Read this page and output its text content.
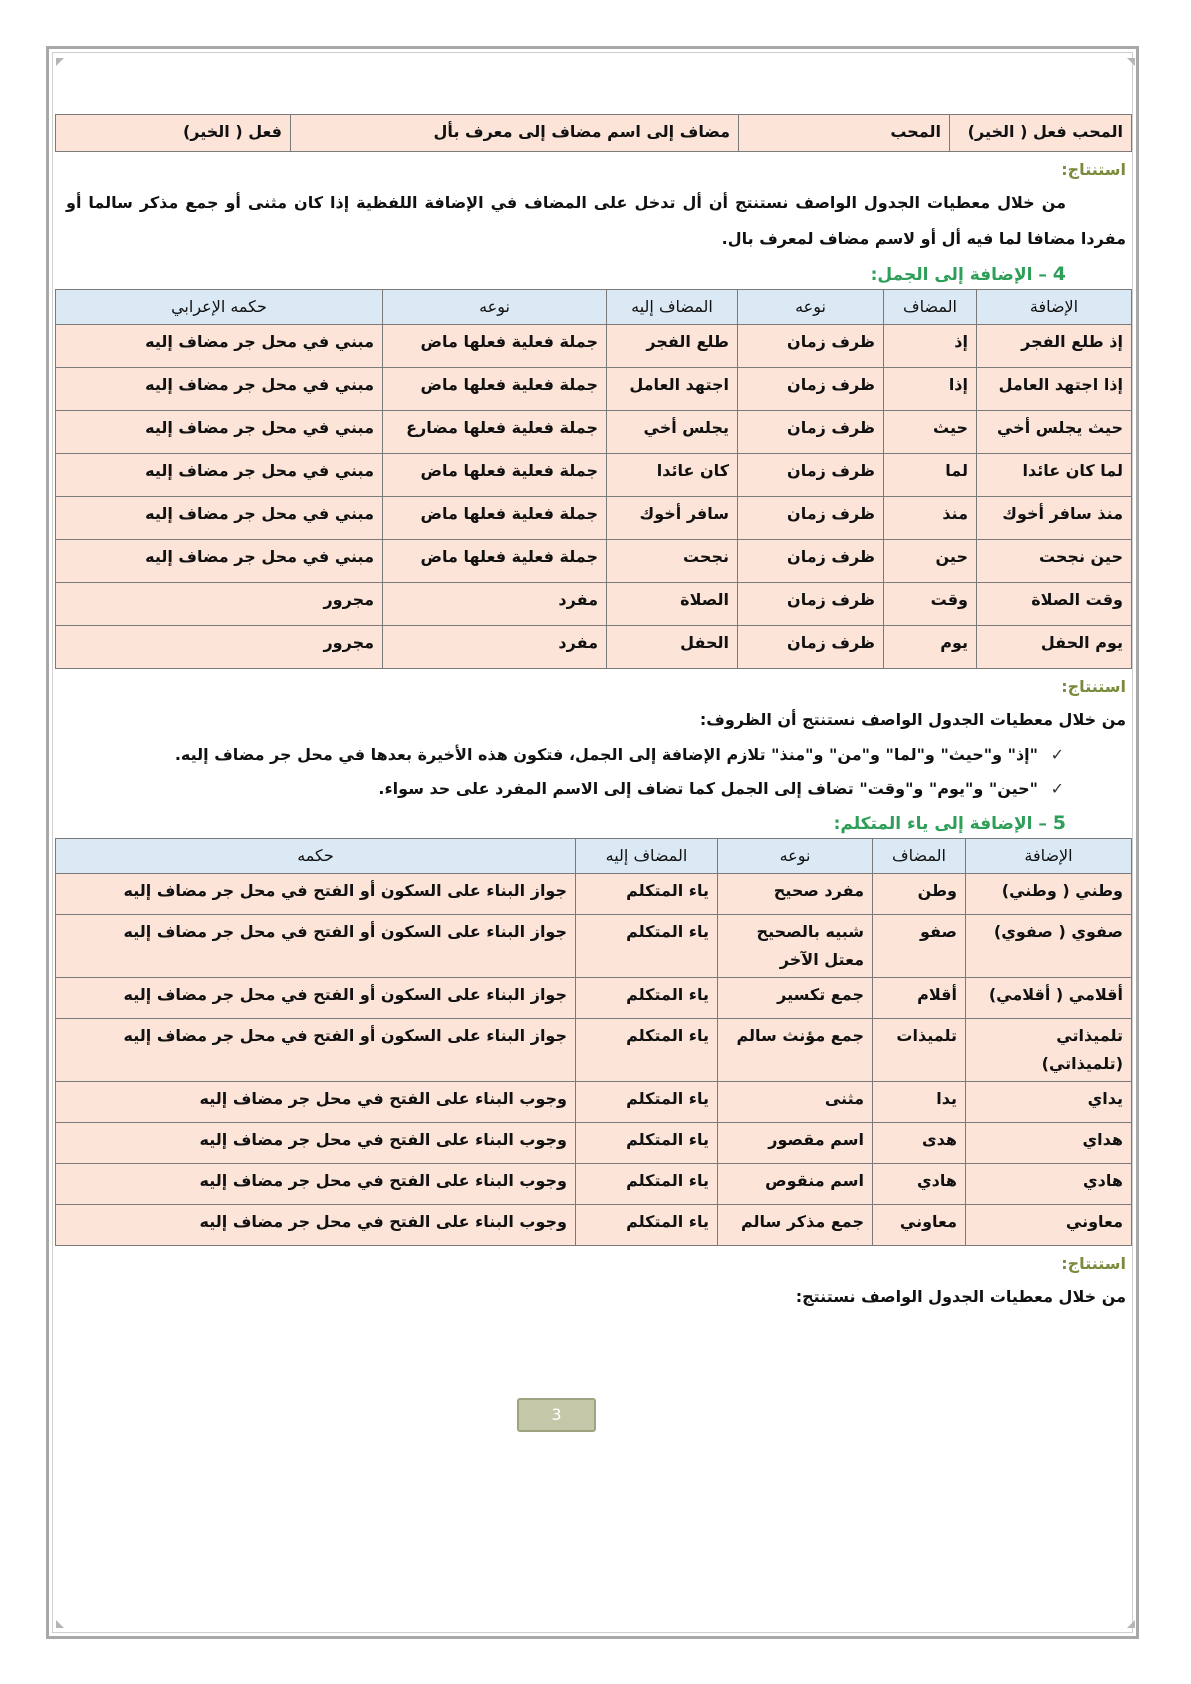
المحب فعل ( الخير)	المحب	مضاف إلى اسم مضاف إلى معرف بأل	فعل ( الخير)
استنتاج:

من خلال معطيات الجدول الواصف نستنتج أن أل تدخل على المضاف في الإضافة اللفظية إذا كان مثنى أو جمع مذكر سالما أو مفردا مضافا لما فيه أل أو لاسم مضاف لمعرف بال.

4 – الإضافة إلى الجمل:
الإضافة	المضاف	نوعه	المضاف إليه	نوعه	حكمه الإعرابي
إذ طلع الفجر	إذ	ظرف زمان	طلع الفجر	جملة فعلية فعلها ماض	مبني في محل جر مضاف إليه
إذا اجتهد العامل	إذا	ظرف زمان	اجتهد العامل	جملة فعلية فعلها ماض	مبني في محل جر مضاف إليه
حيث يجلس أخي	حيث	ظرف زمان	يجلس أخي	جملة فعلية فعلها مضارع	مبني في محل جر مضاف إليه
لما كان عائدا	لما	ظرف زمان	كان عائدا	جملة فعلية فعلها ماض	مبني في محل جر مضاف إليه
منذ سافر أخوك	منذ	ظرف زمان	سافر أخوك	جملة فعلية فعلها ماض	مبني في محل جر مضاف إليه
حين نجحت	حين	ظرف زمان	نجحت	جملة فعلية فعلها ماض	مبني في محل جر مضاف إليه
وقت الصلاة	وقت	ظرف زمان	الصلاة	مفرد	مجرور
يوم الحفل	يوم	ظرف زمان	الحفل	مفرد	مجرور
استنتاج:

من خلال معطيات الجدول الواصف نستنتج أن الظروف:

✓"إذ" و"حيث" و"لما" و"من" و"منذ" تلازم الإضافة إلى الجمل، فتكون هذه الأخيرة بعدها في محل جر مضاف إليه.
✓"حين" و"يوم" و"وقت" تضاف إلى الجمل كما تضاف إلى الاسم المفرد على حد سواء.
5 – الإضافة إلى ياء المتكلم:
الإضافة	المضاف	نوعه	المضاف إليه	حكمه
وطني ( وطني)	وطن	مفرد صحيح	ياء المتكلم	جواز البناء على السكون أو الفتح في محل جر مضاف إليه
صفوي ( صفوي)	صفو	شبيه بالصحيح معتل الآخر	ياء المتكلم	جواز البناء على السكون أو الفتح في محل جر مضاف إليه
أقلامي ( أقلامي)	أقلام	جمع تكسير	ياء المتكلم	جواز البناء على السكون أو الفتح في محل جر مضاف إليه
تلميذاتي (تلميذاتي)	تلميذات	جمع مؤنث سالم	ياء المتكلم	جواز البناء على السكون أو الفتح في محل جر مضاف إليه
يداي	يدا	مثنى	ياء المتكلم	وجوب البناء على الفتح في محل جر مضاف إليه
هداي	هدى	اسم مقصور	ياء المتكلم	وجوب البناء على الفتح في محل جر مضاف إليه
هادي	هادي	اسم منقوص	ياء المتكلم	وجوب البناء على الفتح في محل جر مضاف إليه
معاوني	معاوني	جمع مذكر سالم	ياء المتكلم	وجوب البناء على الفتح في محل جر مضاف إليه
استنتاج:

من خلال معطيات الجدول الواصف نستنتج:

3
